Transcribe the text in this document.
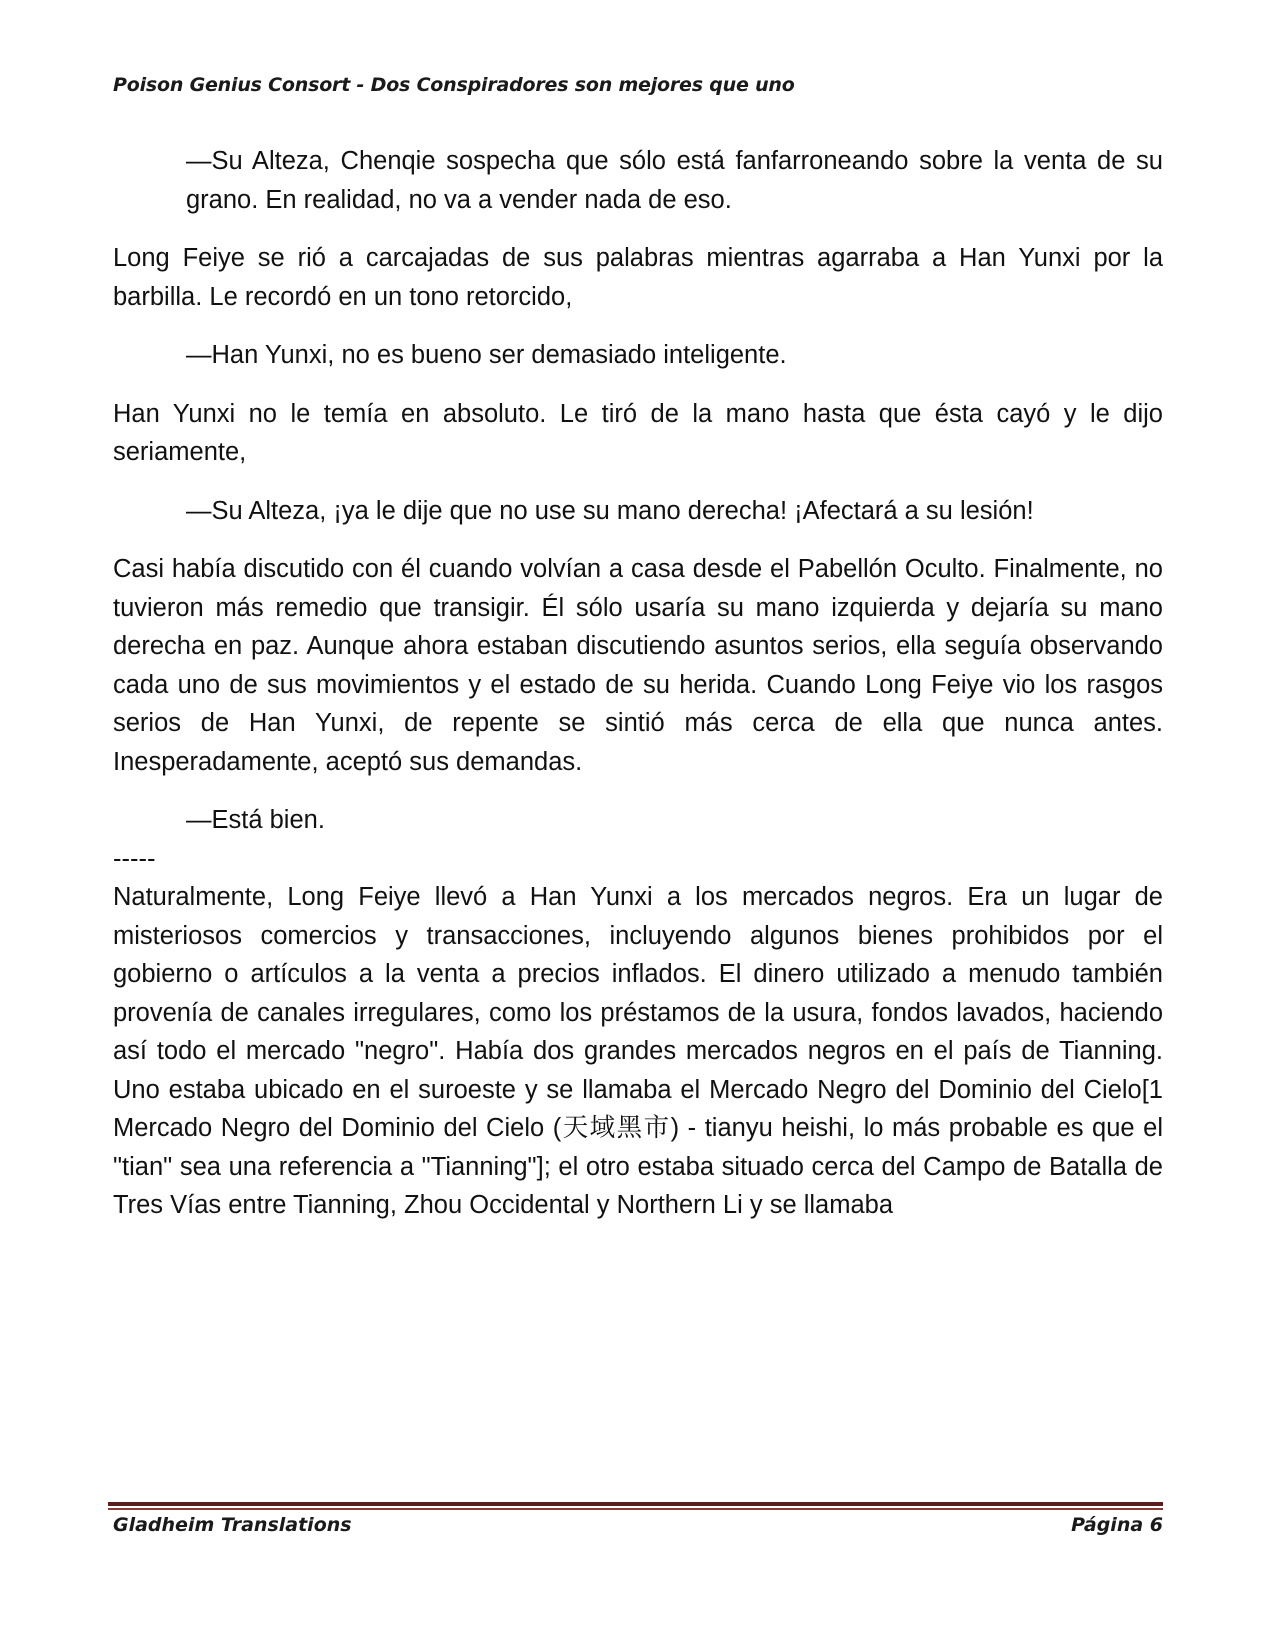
Poison Genius Consort - Dos Conspiradores son mejores que uno

—Su Alteza, Chenqie sospecha que sólo está fanfarroneando sobre la venta de su grano. En realidad, no va a vender nada de eso.

Long Feiye se rió a carcajadas de sus palabras mientras agarraba a Han Yunxi por la barbilla. Le recordó en un tono retorcido,

—Han Yunxi, no es bueno ser demasiado inteligente.

Han Yunxi no le temía en absoluto. Le tiró de la mano hasta que ésta cayó y le dijo seriamente,

—Su Alteza, ¡ya le dije que no use su mano derecha! ¡Afectará a su lesión!

Casi había discutido con él cuando volvían a casa desde el Pabellón Oculto. Finalmente, no tuvieron más remedio que transigir. Él sólo usaría su mano izquierda y dejaría su mano derecha en paz. Aunque ahora estaban discutiendo asuntos serios, ella seguía observando cada uno de sus movimientos y el estado de su herida. Cuando Long Feiye vio los rasgos serios de Han Yunxi, de repente se sintió más cerca de ella que nunca antes. Inesperadamente, aceptó sus demandas.

—Está bien.

-----

Naturalmente, Long Feiye llevó a Han Yunxi a los mercados negros. Era un lugar de misteriosos comercios y transacciones, incluyendo algunos bienes prohibidos por el gobierno o artículos a la venta a precios inflados. El dinero utilizado a menudo también provenía de canales irregulares, como los préstamos de la usura, fondos lavados, haciendo así todo el mercado "negro". Había dos grandes mercados negros en el país de Tianning. Uno estaba ubicado en el suroeste y se llamaba el Mercado Negro del Dominio del Cielo[1 Mercado Negro del Dominio del Cielo (天域黑市) - tianyu heishi, lo más probable es que el "tian" sea una referencia a "Tianning"]; el otro estaba situado cerca del Campo de Batalla de Tres Vías entre Tianning, Zhou Occidental y Northern Li y se llamaba

Gladheim Translations	Página 6
